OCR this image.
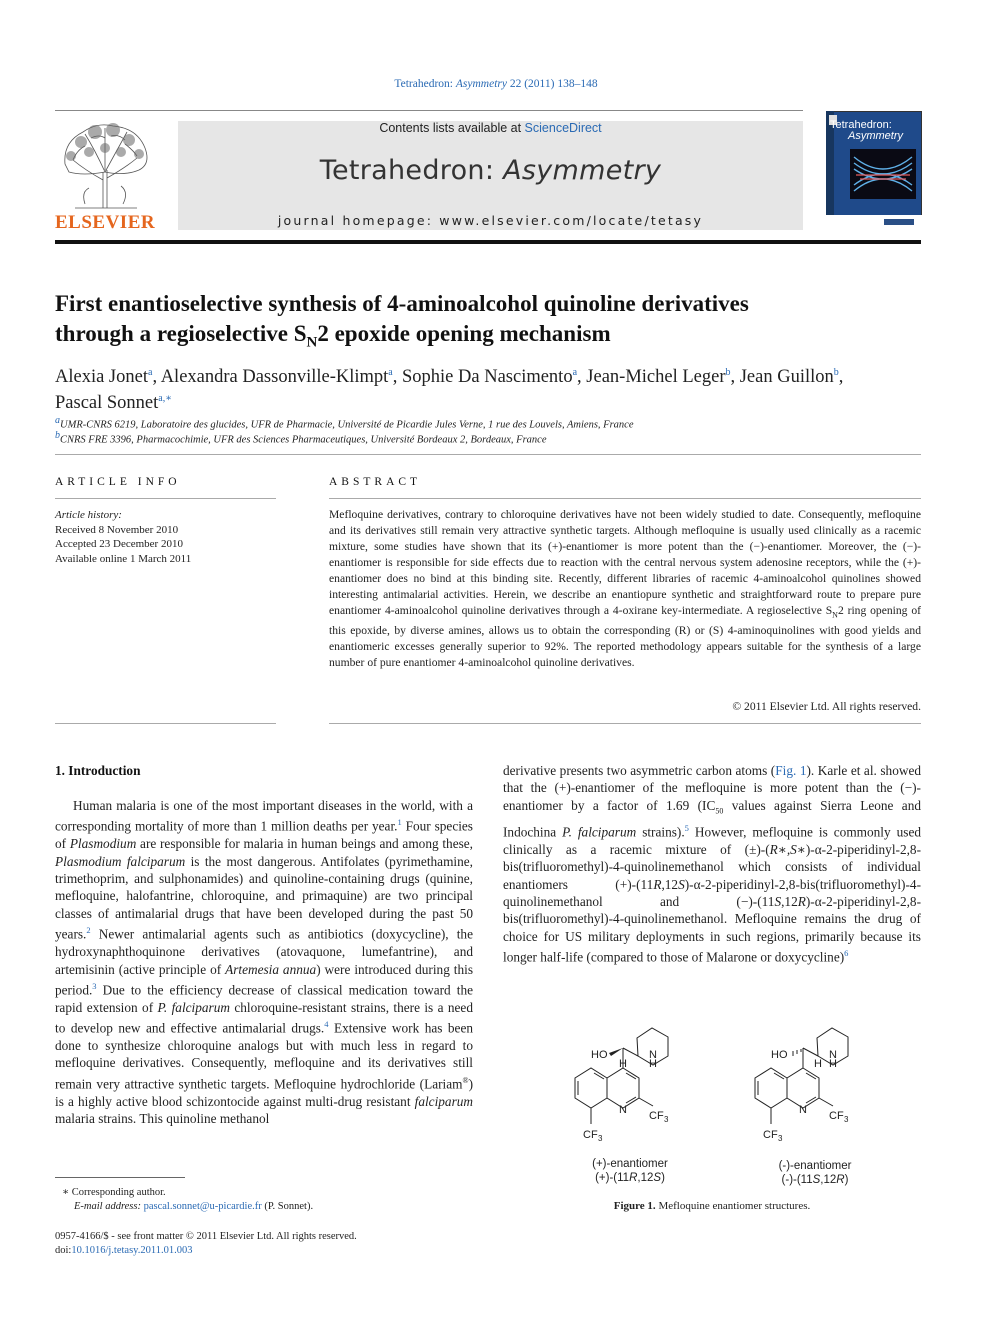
Tetrahedron: Asymmetry 22 (2011) 138–148
ELSEVIER
Contents lists available at ScienceDirect
Tetrahedron: Asymmetry
journal homepage: www.elsevier.com/locate/tetasy
Tetrahedron:
Asymmetry
First enantioselective synthesis of 4-aminoalcohol quinoline derivatives
through a regioselective $S_N2$ epoxide opening mechanism
Alexia Jonet$^a$, Alexandra Dassonville-Klimpt$^a$, Sophie Da Nascimento$^a$, Jean-Michel Leger$^b$, Jean Guillon$^b$,
Pascal Sonnet$^{a,∗}$
$^a$UMR-CNRS 6219, Laboratoire des glucides, UFR de Pharmacie, Université de Picardie Jules Verne, 1 rue des Louvels, Amiens, France
$^b$CNRS FRE 3396, Pharmacochimie, UFR des Sciences Pharmaceutiques, Université Bordeaux 2, Bordeaux, France
ARTICLE INFO
Article history:
Received 8 November 2010
Accepted 23 December 2010
Available online 1 March 2011
ABSTRACT
Mefloquine derivatives, contrary to chloroquine derivatives have not been widely studied to date. Consequently, mefloquine and its derivatives still remain very attractive synthetic targets. Although mefloquine is usually used clinically as a racemic mixture, some studies have shown that its (+)-enantiomer is more potent than the (−)-enantiomer. Moreover, the (−)-enantiomer is responsible for side effects due to reaction with the central nervous system adenosine receptors, while the (+)-enantiomer does no bind at this binding site. Recently, different libraries of racemic 4-aminoalcohol quinolines showed interesting antimalarial activities. Herein, we describe an enantiopure synthetic and straightforward route to prepare pure enantiomer 4-aminoalcohol quinoline derivatives through a 4-oxirane key-intermediate. A regioselective $S_N2$ ring opening of this epoxide, by diverse amines, allows us to obtain the corresponding (R) or (S) 4-aminoquinolines with good yields and enantiomeric excesses generally superior to 92%. The reported methodology appears suitable for the synthesis of a large number of pure enantiomer 4-aminoalcohol quinoline derivatives.
© 2011 Elsevier Ltd. All rights reserved.
1. Introduction
Human malaria is one of the most important diseases in the world, with a corresponding mortality of more than 1 million deaths per year.$^1$ Four species of Plasmodium are responsible for malaria in human beings and among these, Plasmodium falciparum is the most dangerous. Antifolates (pyrimethamine, trimethoprim, and sulphonamides) and quinoline-containing drugs (quinine, mefloquine, halofantrine, chloroquine, and primaquine) are two principal classes of antimalarial drugs that have been developed during the past 50 years.$^2$ Newer antimalarial agents such as antibiotics (doxycycline), the hydroxynaphthoquinone derivatives (atovaquone, lumefantrine), and artemisinin (active principle of Artemesia annua) were introduced during this period.$^3$ Due to the efficiency decrease of classical medication toward the rapid extension of P. falciparum chloroquine-resistant strains, there is a need to develop new and effective antimalarial drugs.$^4$ Extensive work has been done to synthesize chloroquine analogs but with much less in regard to mefloquine derivatives. Consequently, mefloquine and its derivatives still remain very attractive synthetic targets. Mefloquine hydrochloride (Lariam®) is a highly active blood schizontocide against multi-drug resistant falciparum malaria strains. This quinoline methanol
derivative presents two asymmetric carbon atoms (Fig. 1). Karle et al. showed that the (+)-enantiomer of the mefloquine is more potent than the (−)-enantiomer by a factor of 1.69 ($IC_{50}$ values against Sierra Leone and Indochina P. falciparum strains).$^5$ However, mefloquine is commonly used clinically as a racemic mixture of (±)-(R∗,S∗)-α-2-piperidinyl-2,8-bis(trifluoromethyl)-4-quinolinemethanol which consists of individual enantiomers (+)-(11R,12S)-α-2-piperidinyl-2,8-bis(trifluoromethyl)-4-quinolinemethanol and (−)-(11S,12R)-α-2-piperidinyl-2,8-bis(trifluoromethyl)-4-quinolinemethanol. Mefloquine remains the drug of choice for US military deployments in such regions, primarily because its longer half-life (compared to those of Malarone or doxycycline)$^6$
HO
H H
N
N CF 3
CF 3
HO
H
N
H
N CF 3
CF 3
(+)-enantiomer
(+)-(11R,12S)
(-)-enantiomer
(-)-(11S,12R)
Figure 1. Mefloquine enantiomer structures.
∗ Corresponding author.
E-mail address: pascal.sonnet@u-picardie.fr (P. Sonnet).
0957-4166/$ - see front matter © 2011 Elsevier Ltd. All rights reserved.
doi:10.1016/j.tetasy.2011.01.003
